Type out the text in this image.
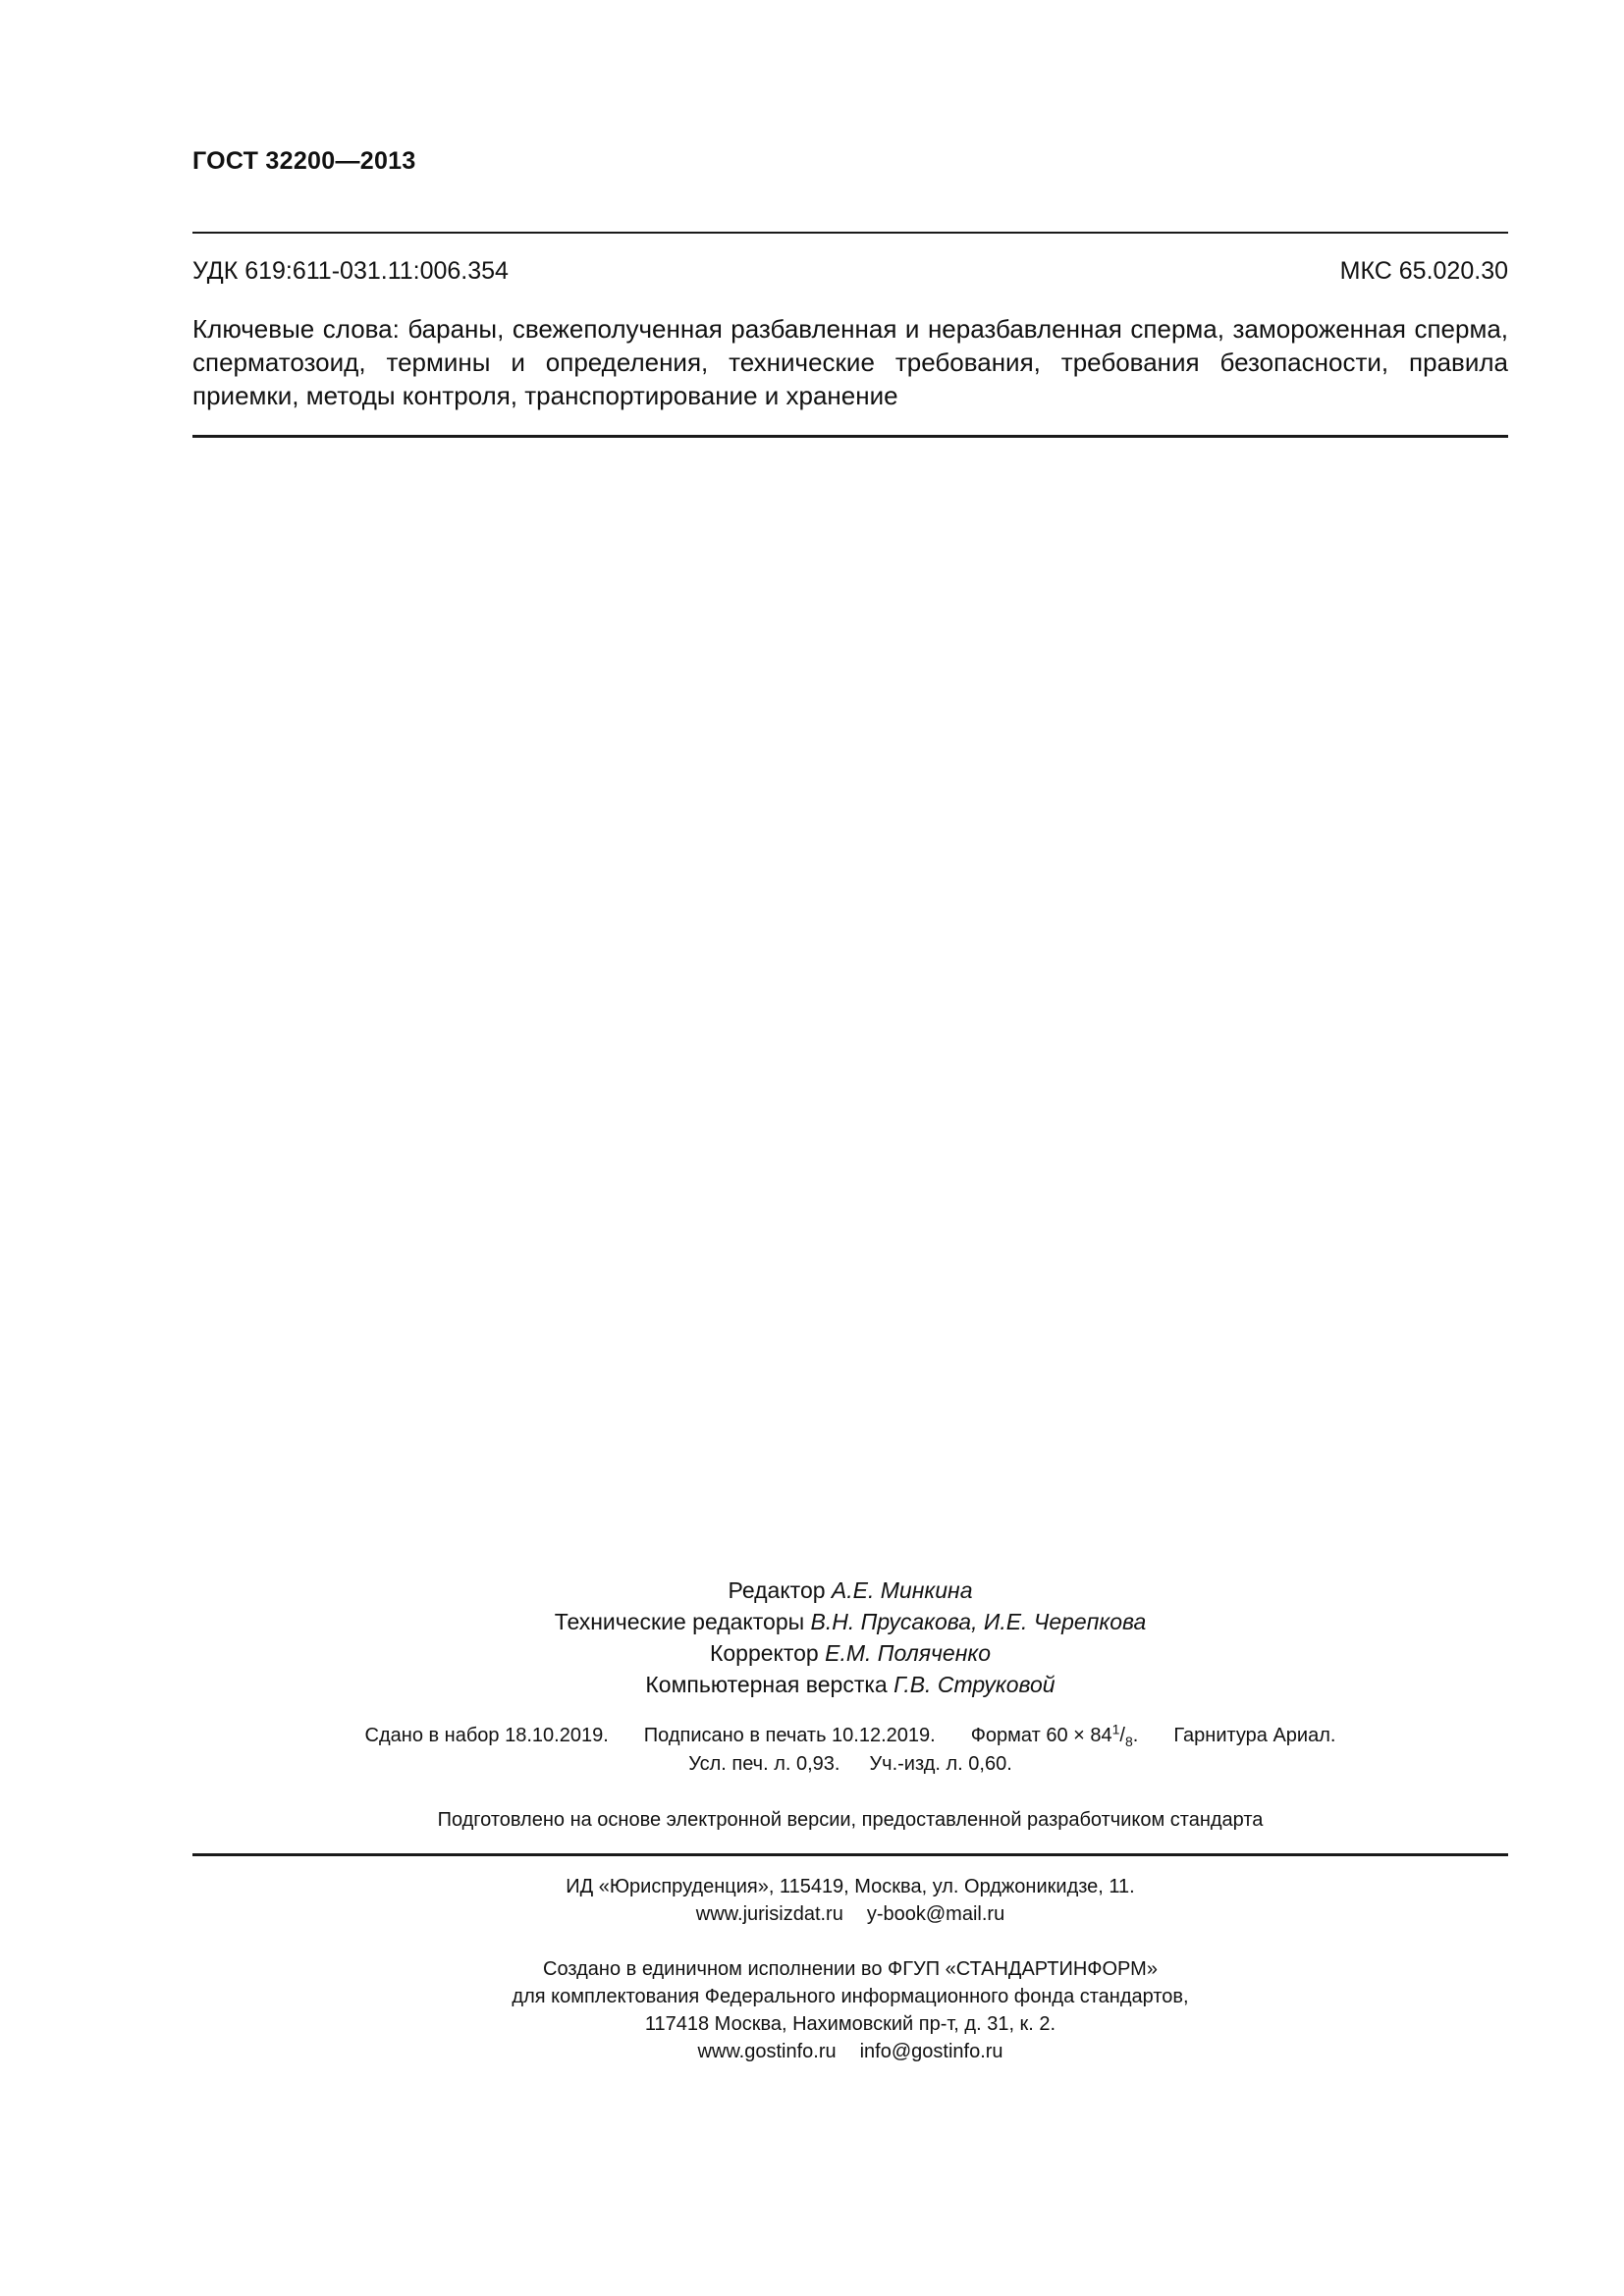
ГОСТ 32200—2013
УДК 619:611-031.11:006.354	МКС 65.020.30
Ключевые слова: бараны, свежеполученная разбавленная и неразбавленная сперма, замороженная сперма, сперматозоид, термины и определения, технические требования, требования безопасности, правила приемки, методы контроля, транспортирование и хранение
Редактор А.Е. Минкина
Технические редакторы В.Н. Прусакова, И.Е. Черепкова
Корректор Е.М. Поляченко
Компьютерная верстка Г.В. Струковой
Сдано в набор 18.10.2019. Подписано в печать 10.12.2019. Формат $60 \times 84^1/_8$. Гарнитура Ариал.
Усл. печ. л. 0,93. Уч.-изд. л. 0,60.
Подготовлено на основе электронной версии, предоставленной разработчиком стандарта
ИД «Юриспруденция», 115419, Москва, ул. Орджоникидзе, 11.
www.jurisizdat.ru y-book@mail.ru
Создано в единичном исполнении во ФГУП «СТАНДАРТИНФОРМ»
для комплектования Федерального информационного фонда стандартов,
117418 Москва, Нахимовский пр-т, д. 31, к. 2.
www.gostinfo.ru info@gostinfo.ru
